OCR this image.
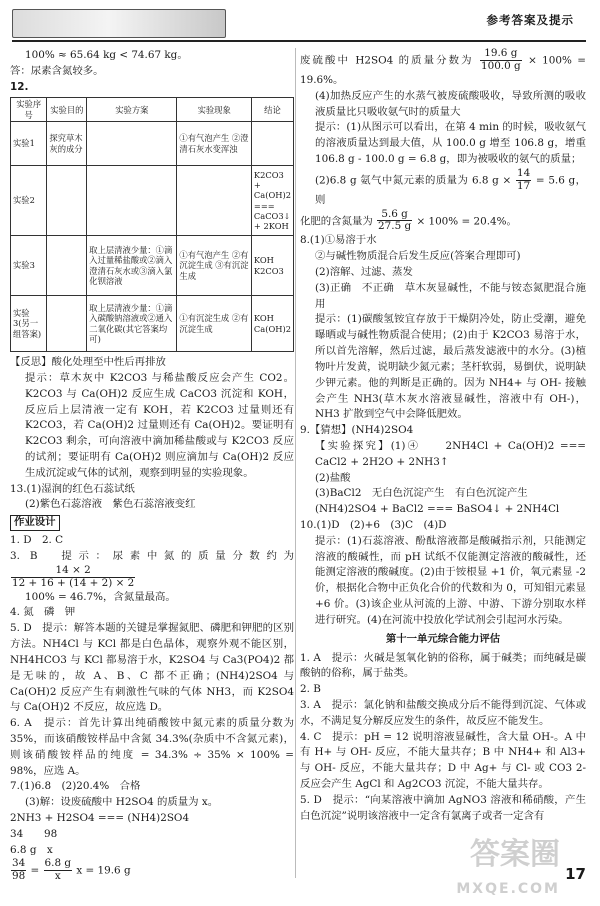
参考答案及提示

100% ≈ 65.64 kg < 74.67 kg。

答：尿素含氮较多。

12.

实验序号	实验目的	实验方案	实验现象	结论
实验1	探究草木灰的成分		①有气泡产生 ②澄清石灰水变浑浊	
实验2				K2CO3 + Ca(OH)2 === CaCO3↓ + 2KOH
实验3		取上层清液少量：①滴入过量稀盐酸或②滴入澄清石灰水或③滴入氯化钡溶液	①有气泡产生 ②有沉淀生成 ③有沉淀生成	KOH K2CO3
实验3(另一组答案)		取上层清液少量：①滴入碳酸钠溶液或②通入二氧化碳(其它答案均可)	①有沉淀生成 ②有沉淀生成	KOH Ca(OH)2

【反思】酸化处理至中性后再排放

提示：草木灰中 K2CO3 与稀盐酸反应会产生 CO2。K2CO3 与 Ca(OH)2 反应生成 CaCO3 沉淀和 KOH，反应后上层清液一定有 KOH，若 K2CO3 过量则还有 K2CO3，若 Ca(OH)2 过量则还有 Ca(OH)2。要证明有 K2CO3 剩余，可向溶液中滴加稀盐酸或与 K2CO3 反应的试剂；要证明有 Ca(OH)2 则应滴加与 Ca(OH)2 反应生成沉淀或气体的试剂，观察到明显的实验现象。

13.(1)湿润的红色石蕊试纸

(2)紫色石蕊溶液　紫色石蕊溶液变红

作业设计

1. D　2. C

3. B　提示：尿素中氮的质量分数约为
$\frac{14 \times 2}{12 + 16 + (14 + 2) \times 2}$

100% = 46.7%，含氮量最高。

4. 氮　磷　钾

5. D　提示：解答本题的关键是掌握氮肥、磷肥和钾肥的区别方法。NH4Cl 与 KCl 都是白色晶体，观察外观不能区别，NH4HCO3 与 KCl 都易溶于水，K2SO4 与 Ca3(PO4)2 都是无味的，故 A、B、C 都不正确；(NH4)2SO4 与 Ca(OH)2 反应产生有刺激性气味的气体 NH3，而 K2SO4 与 Ca(OH)2 不反应，故应选 D。

6. A　提示：首先计算出纯硝酸铵中氮元素的质量分数为 35%，而该硝酸铵样品中含氮 34.3%(杂质中不含氮元素)，则该硝酸铵样品的纯度 = 34.3% ÷ 35% × 100% = 98%，应选 A。

7.(1)6.8　(2)20.4%　合格

(3)解：设废硫酸中 H2SO4 的质量为 x。

2NH3 + H2SO4 === (NH4)2SO4

34　　98

6.8 g　x

$\frac{34}{98} = \frac{6.8 g}{x}$ x = 19.6 g

废硫酸中 H2SO4 的质量分数为 $\frac{19.6 g}{100.0 g} \times 100\% = 19.6\%$。

(4)加热反应产生的水蒸气被废硫酸吸收，导致所测的吸收液质量比只吸收氨气时的质量大

提示：(1)从图示可以看出，在第 4 min 的时候，吸收氨气的溶液质量达到最大值，从 100.0 g 增至 106.8 g，增重 106.8 g - 100.0 g = 6.8 g，即为被吸收的氨气的质量；

(2)6.8 g 氨气中氮元素的质量为 6.8 $g \times \frac{14}{17} = 5.6$ g，则

化肥的含氮量为 $\frac{5.6 g}{27.5 g} \times 100\% = 20.4\%$。

8.(1)①易溶于水

②与碱性物质混合后发生反应(答案合理即可)

(2)溶解、过滤、蒸发

(3)正确　不正确　草木灰显碱性，不能与铵态氮肥混合施用

提示：(1)碳酸氢铵宜存放于干燥阴冷处，防止受潮，避免曝晒或与碱性物质混合使用；(2)由于 K2CO3 易溶于水，所以首先溶解，然后过滤，最后蒸发滤液中的水分。(3)植物叶片发黄，说明缺少氮元素；茎杆软弱，易倒伏，说明缺少钾元素。他的判断是正确的。因为 NH4+ 与 OH- 接触会产生 NH3(草木灰水溶液显碱性，溶液中有 OH-)，NH3 扩散到空气中会降低肥效。

9.【猜想】(NH4)2SO4

【实验探究】(1)④　　2NH4Cl + Ca(OH)2 === CaCl2 + 2H2O + 2NH3↑

(2)盐酸

(3)BaCl2　无白色沉淀产生　有白色沉淀产生

(NH4)2SO4 + BaCl2 === BaSO4↓ + 2NH4Cl

10.(1)D　(2)+6　(3)C　(4)D

提示：(1)石蕊溶液、酚酞溶液都是酸碱指示剂，只能测定溶液的酸碱性，而 pH 试纸不仅能测定溶液的酸碱性，还能测定溶液的酸碱度。(2)由于铵根显 +1 价，氧元素显 -2 价，根据化合物中正负化合价的代数和为 0，可知钼元素显 +6 价。(3)该企业从河流的上游、中游、下游分别取水样进行研究。(4)在河流中投放化学试剂会引起河水污染。

第十一单元综合能力评估

1. A　提示：火碱是氢氧化钠的俗称，属于碱类；而纯碱是碳酸钠的俗称，属于盐类。

2. B

3. A　提示：氯化钠和盐酸交换成分后不能得到沉淀、气体或水，不满足复分解反应发生的条件，故反应不能发生。

4. C　提示：pH = 12 说明溶液显碱性，含大量 OH-。A 中有 H+ 与 OH- 反应，不能大量共存；B 中 NH4+ 和 Al3+ 与 OH- 反应，不能大量共存；D 中 Ag+ 与 Cl- 或 CO3 2- 反应会产生 AgCl 和 Ag2CO3 沉淀，不能大量共存。

5. D　提示：“向某溶液中滴加 AgNO3 溶液和稀硝酸，产生白色沉淀”说明该溶液中一定含有氯离子或者一定含有

答案圈
MXQE.COM
17
